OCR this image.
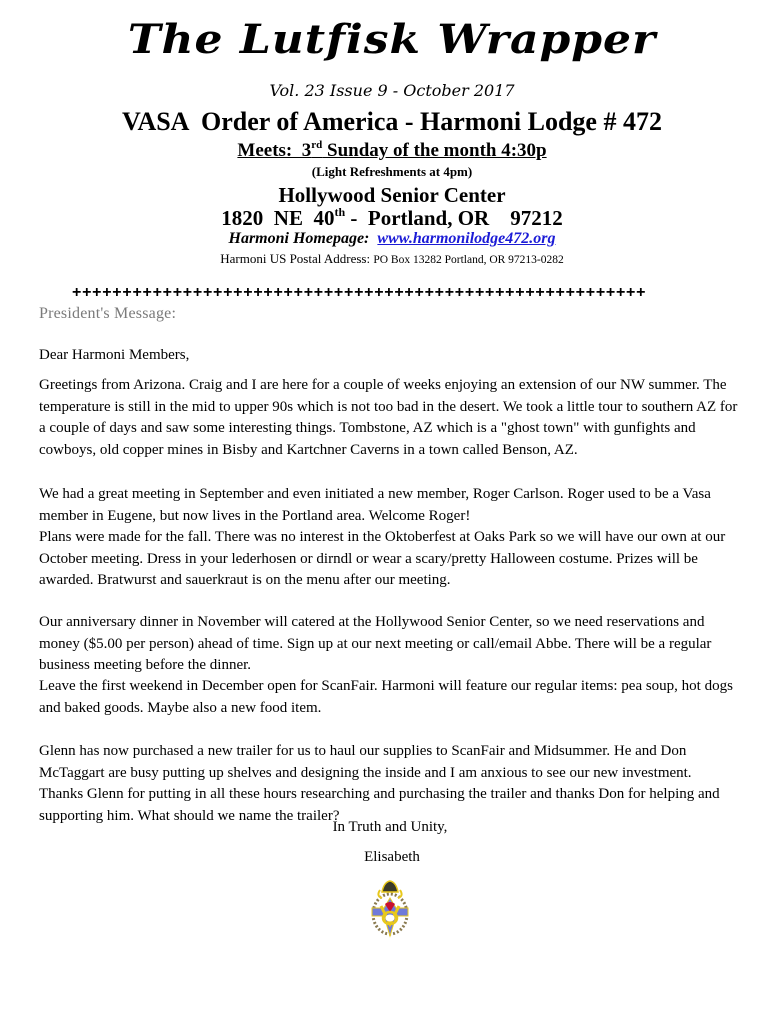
The Lutfisk Wrapper
Vol. 23 Issue 9 - October 2017
VASA  Order of America - Harmoni Lodge # 472
Meets:  3rd Sunday of the month 4:30p
(Light Refreshments at 4pm)
Hollywood Senior Center
1820  NE  40th -  Portland, OR    97212
Harmoni Homepage:  www.harmonilodge472.org
Harmoni US Postal Address: PO Box 13282 Portland, OR 97213-0282
+++++++++++++++++++++++++++++++++++++++++++++++++++++++++
President's Message:

Dear Harmoni Members,

Greetings from Arizona. Craig and I are here for a couple of weeks enjoying an extension of our NW summer. The temperature is still in the mid to upper 90s which is not too bad in the desert. We took a little tour to southern AZ for a couple of days and saw some interesting things. Tombstone, AZ which is a "ghost town" with gunfights and cowboys, old copper mines in Bisby and Kartchner Caverns in a town called Benson, AZ.

We had a great meeting in September and even initiated a new member, Roger Carlson. Roger used to be a Vasa member in Eugene, but now lives in the Portland area. Welcome Roger!

Plans were made for the fall. There was no interest in the Oktoberfest at Oaks Park so we will have our own at our October meeting. Dress in your lederhosen or dirndl or wear a scary/pretty Halloween costume. Prizes will be awarded. Bratwurst and sauerkraut is on the menu after our meeting.

Our anniversary dinner in November will catered at the Hollywood Senior Center, so we need reservations and money ($5.00 per person) ahead of time. Sign up at our next meeting or call/email Abbe. There will be a regular business meeting before the dinner.

Leave the first weekend in December open for ScanFair. Harmoni will feature our regular items: pea soup, hot dogs and baked goods. Maybe also a new food item.

Glenn has now purchased a new trailer for us to haul our supplies to ScanFair and Midsummer. He and Don McTaggart are busy putting up shelves and designing the inside and I am anxious to see our new investment. Thanks Glenn for putting in all these hours researching and purchasing the trailer and thanks Don for helping and supporting him. What should we name the trailer?

In Truth and Unity,
Elisabeth
